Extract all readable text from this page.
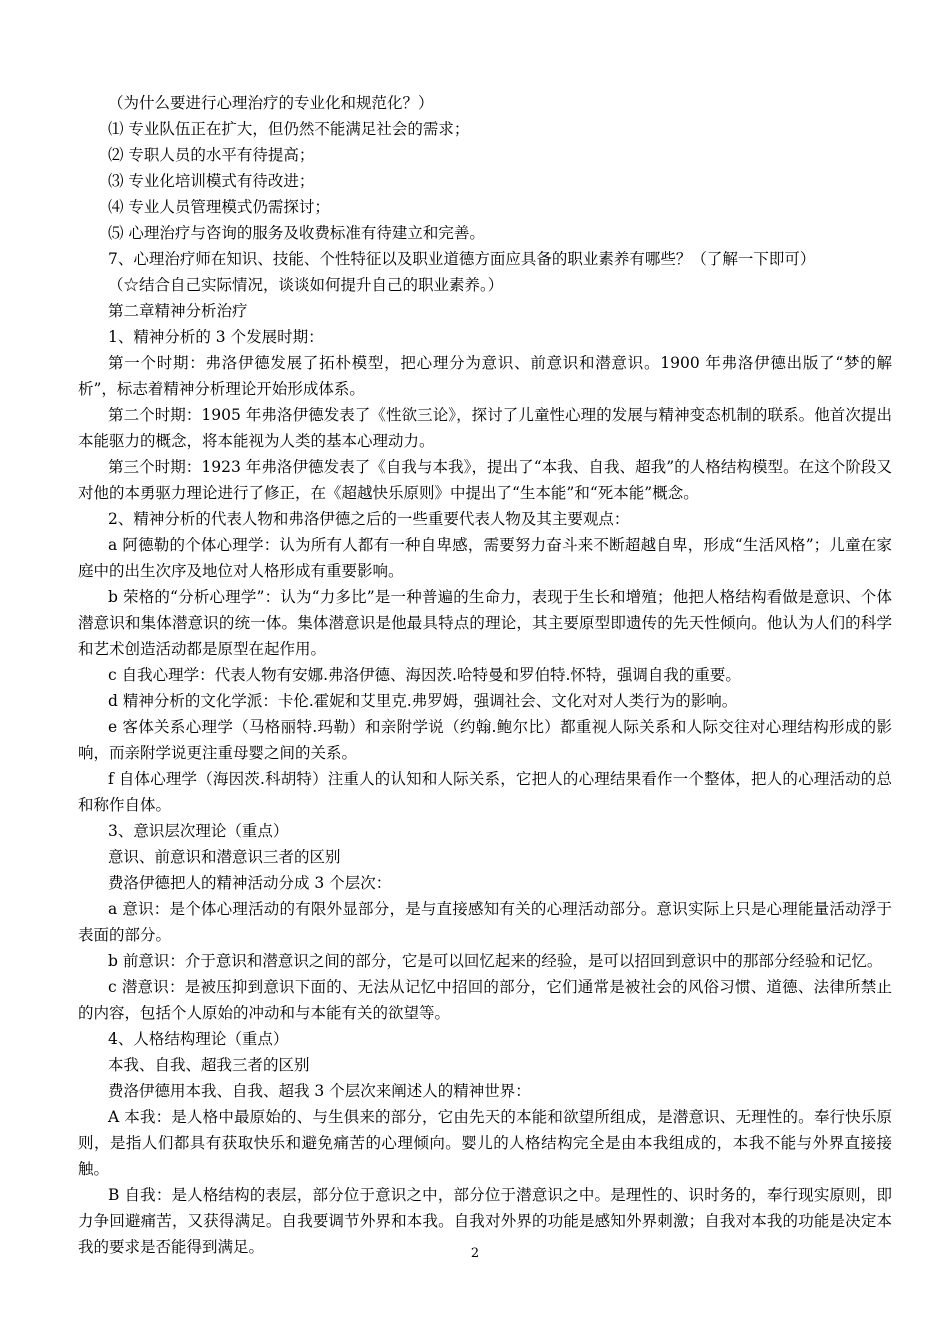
（为什么要进行心理治疗的专业化和规范化？）

⑴ 专业队伍正在扩大，但仍然不能满足社会的需求；

⑵ 专职人员的水平有待提高；

⑶ 专业化培训模式有待改进；

⑷ 专业人员管理模式仍需探讨；

⑸ 心理治疗与咨询的服务及收费标准有待建立和完善。

7、心理治疗师在知识、技能、个性特征以及职业道德方面应具备的职业素养有哪些？（了解一下即可）

（☆结合自己实际情况，谈谈如何提升自己的职业素养。）

第二章精神分析治疗

1、精神分析的 3 个发展时期：

第一个时期：弗洛伊德发展了拓朴模型，把心理分为意识、前意识和潜意识。1900 年弗洛伊德出版了“梦的解析”，标志着精神分析理论开始形成体系。

第二个时期：1905 年弗洛伊德发表了《性欲三论》，探讨了儿童性心理的发展与精神变态机制的联系。他首次提出本能驱力的概念，将本能视为人类的基本心理动力。

第三个时期：1923 年弗洛伊德发表了《自我与本我》，提出了“本我、自我、超我”的人格结构模型。在这个阶段又对他的本勇驱力理论进行了修正，在《超越快乐原则》中提出了“生本能”和“死本能”概念。

2、精神分析的代表人物和弗洛伊德之后的一些重要代表人物及其主要观点：

a 阿德勒的个体心理学：认为所有人都有一种自卑感，需要努力奋斗来不断超越自卑，形成“生活风格”；儿童在家庭中的出生次序及地位对人格形成有重要影响。

b 荣格的“分析心理学”：认为“力多比”是一种普遍的生命力，表现于生长和增殖；他把人格结构看做是意识、个体潜意识和集体潜意识的统一体。集体潜意识是他最具特点的理论，其主要原型即遗传的先天性倾向。他认为人们的科学和艺术创造活动都是原型在起作用。

c 自我心理学：代表人物有安娜.弗洛伊德、海因茨.哈特曼和罗伯特.怀特，强调自我的重要。

d 精神分析的文化学派：卡伦.霍妮和艾里克.弗罗姆，强调社会、文化对对人类行为的影响。

e 客体关系心理学（马格丽特.玛勒）和亲附学说（约翰.鲍尔比）都重视人际关系和人际交往对心理结构形成的影响，而亲附学说更注重母婴之间的关系。

f 自体心理学（海因茨.科胡特）注重人的认知和人际关系，它把人的心理结果看作一个整体，把人的心理活动的总和称作自体。

3、意识层次理论（重点）

意识、前意识和潜意识三者的区别

费洛伊德把人的精神活动分成 3 个层次：

a 意识：是个体心理活动的有限外显部分，是与直接感知有关的心理活动部分。意识实际上只是心理能量活动浮于表面的部分。

b 前意识：介于意识和潜意识之间的部分，它是可以回忆起来的经验，是可以招回到意识中的那部分经验和记忆。

c 潜意识：是被压抑到意识下面的、无法从记忆中招回的部分，它们通常是被社会的风俗习惯、道德、法律所禁止的内容，包括个人原始的冲动和与本能有关的欲望等。

4、人格结构理论（重点）

本我、自我、超我三者的区别

费洛伊德用本我、自我、超我 3 个层次来阐述人的精神世界：

A 本我：是人格中最原始的、与生俱来的部分，它由先天的本能和欲望所组成，是潜意识、无理性的。奉行快乐原则，是指人们都具有获取快乐和避免痛苦的心理倾向。婴儿的人格结构完全是由本我组成的，本我不能与外界直接接触。

B 自我：是人格结构的表层，部分位于意识之中，部分位于潜意识之中。是理性的、识时务的，奉行现实原则，即力争回避痛苦，又获得满足。自我要调节外界和本我。自我对外界的功能是感知外界刺激；自我对本我的功能是决定本我的要求是否能得到满足。	2
